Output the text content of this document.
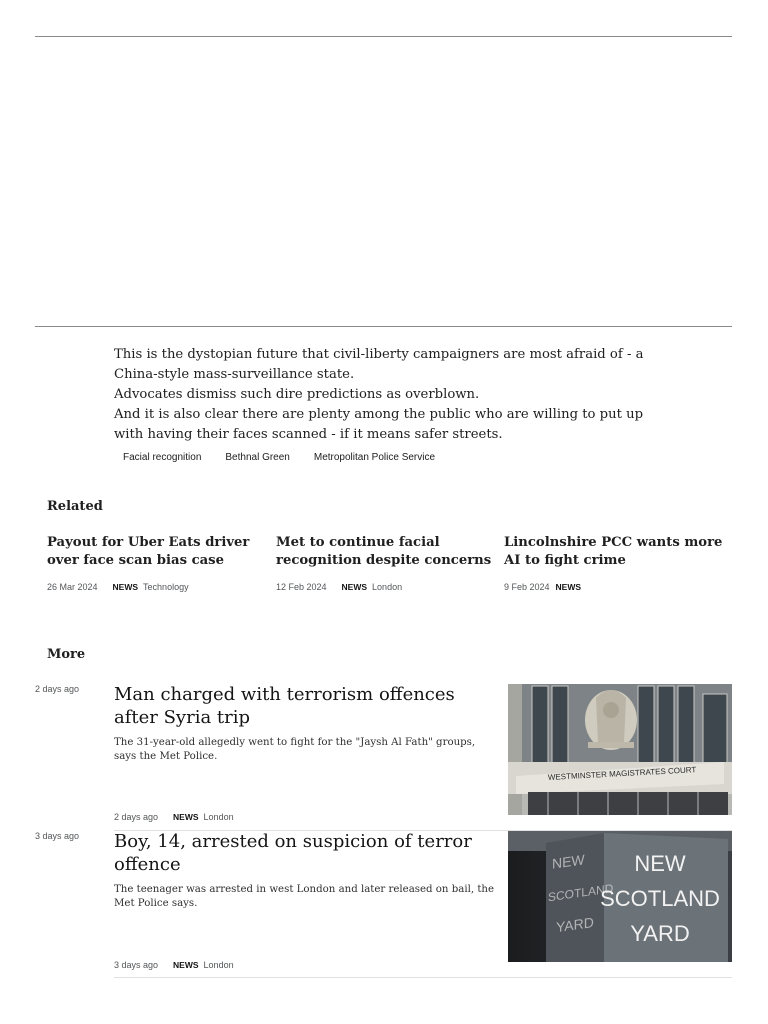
This is the dystopian future that civil-liberty campaigners are most afraid of - a China-style mass-surveillance state.

Advocates dismiss such dire predictions as overblown.

And it is also clear there are plenty among the public who are willing to put up with having their faces scanned - if it means safer streets.

Facial recognition	Bethnal Green	Metropolitan Police Service
Related
Payout for Uber Eats driver over face scan bias case
26 Mar 2024 NEWS Technology
Met to continue facial recognition despite concerns
12 Feb 2024 NEWS London
Lincolnshire PCC wants more AI to fight crime
9 Feb 2024 NEWS
More
2 days ago Man charged with terrorism offences after Syria trip
The 31-year-old allegedly went to fight for the "Jaysh Al Fath" groups, says the Met Police.
2 days ago NEWS London
WESTMINSTER MAGISTRATES COURT
3 days ago Boy, 14, arrested on suspicion of terror offence
The teenager was arrested in west London and later released on bail, the Met Police says.
3 days ago NEWS London
NEW
SCOTLAND
YARD
NEW
SCOTLAND
YARD
